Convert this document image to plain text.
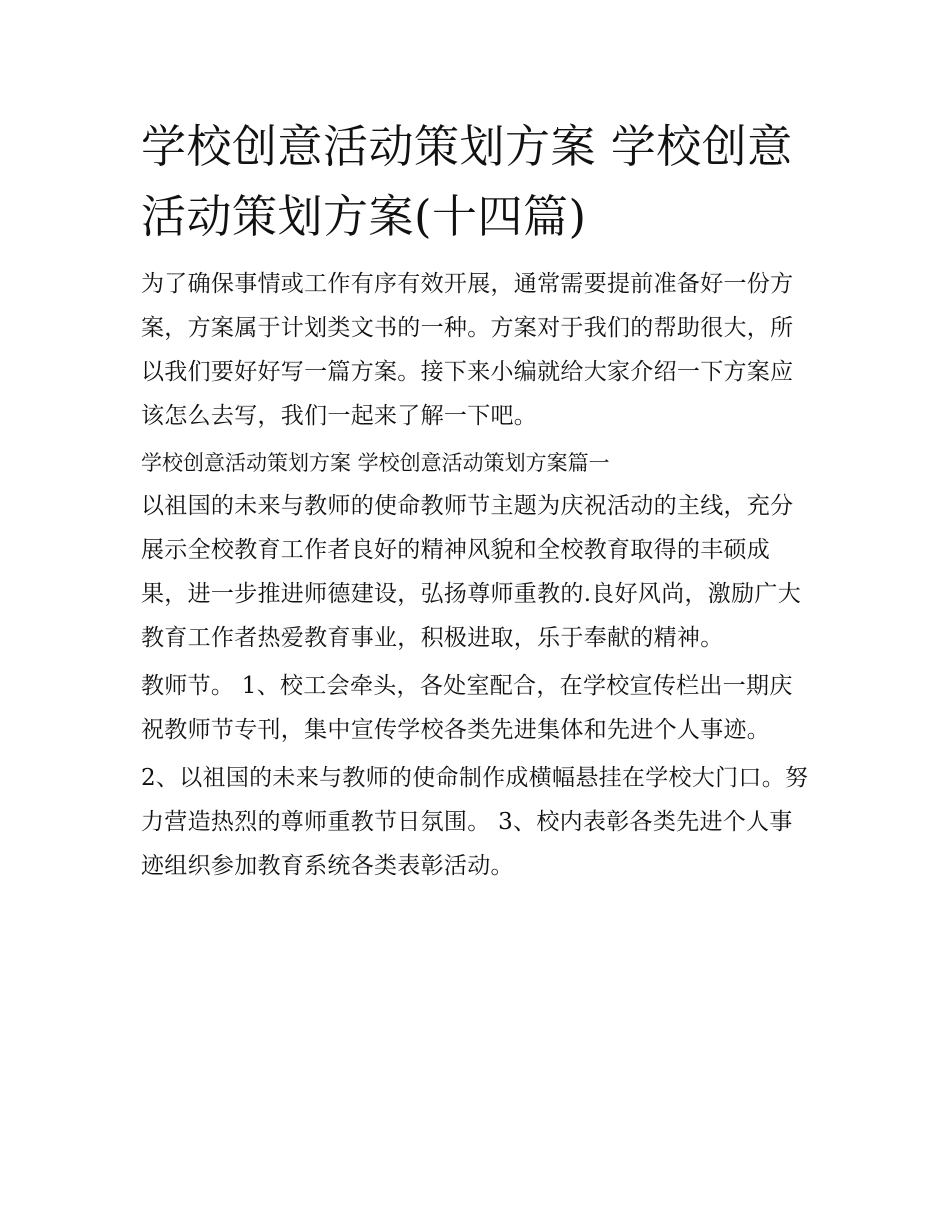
学校创意活动策划方案 学校创意活动策划方案(十四篇)

为了确保事情或工作有序有效开展，通常需要提前准备好一份方案，方案属于计划类文书的一种。方案对于我们的帮助很大，所以我们要好好写一篇方案。接下来小编就给大家介绍一下方案应该怎么去写，我们一起来了解一下吧。

学校创意活动策划方案 学校创意活动策划方案篇一

以祖国的未来与教师的使命教师节主题为庆祝活动的主线，充分展示全校教育工作者良好的精神风貌和全校教育取得的丰硕成果，进一步推进师德建设，弘扬尊师重教的.良好风尚，激励广大教育工作者热爱教育事业，积极进取，乐于奉献的精神。

教师节。 1、校工会牵头，各处室配合，在学校宣传栏出一期庆祝教师节专刊，集中宣传学校各类先进集体和先进个人事迹。

2、以祖国的未来与教师的使命制作成横幅悬挂在学校大门口。努力营造热烈的尊师重教节日氛围。 3、校内表彰各类先进个人事迹组织参加教育系统各类表彰活动。
